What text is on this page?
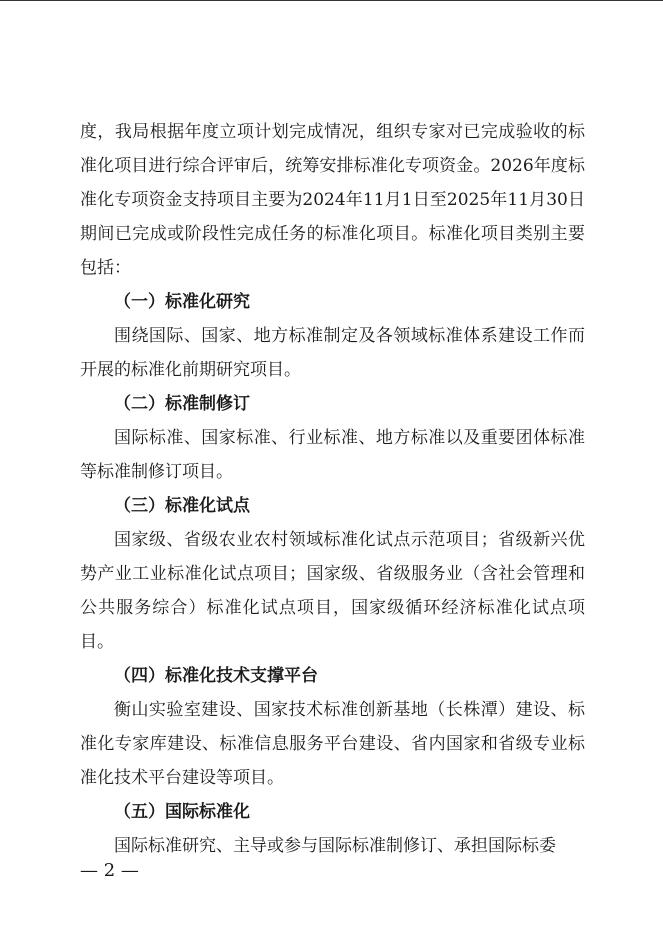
度，我局根据年度立项计划完成情况，组织专家对已完成验收的标准化项目进行综合评审后，统筹安排标准化专项资金。2026年度标准化专项资金支持项目主要为2024年11月1日至2025年11月30日期间已完成或阶段性完成任务的标准化项目。标准化项目类别主要包括：

（一）标准化研究

围绕国际、国家、地方标准制定及各领域标准体系建设工作而开展的标准化前期研究项目。

（二）标准制修订

国际标准、国家标准、行业标准、地方标准以及重要团体标准等标准制修订项目。

（三）标准化试点

国家级、省级农业农村领域标准化试点示范项目；省级新兴优势产业工业标准化试点项目；国家级、省级服务业（含社会管理和公共服务综合）标准化试点项目，国家级循环经济标准化试点项目。

（四）标准化技术支撑平台

衡山实验室建设、国家技术标准创新基地（长株潭）建设、标准化专家库建设、标准信息服务平台建设、省内国家和省级专业标准化技术平台建设等项目。

（五）国际标准化

国际标准研究、主导或参与国际标准制修订、承担国际标委

— 2 —
